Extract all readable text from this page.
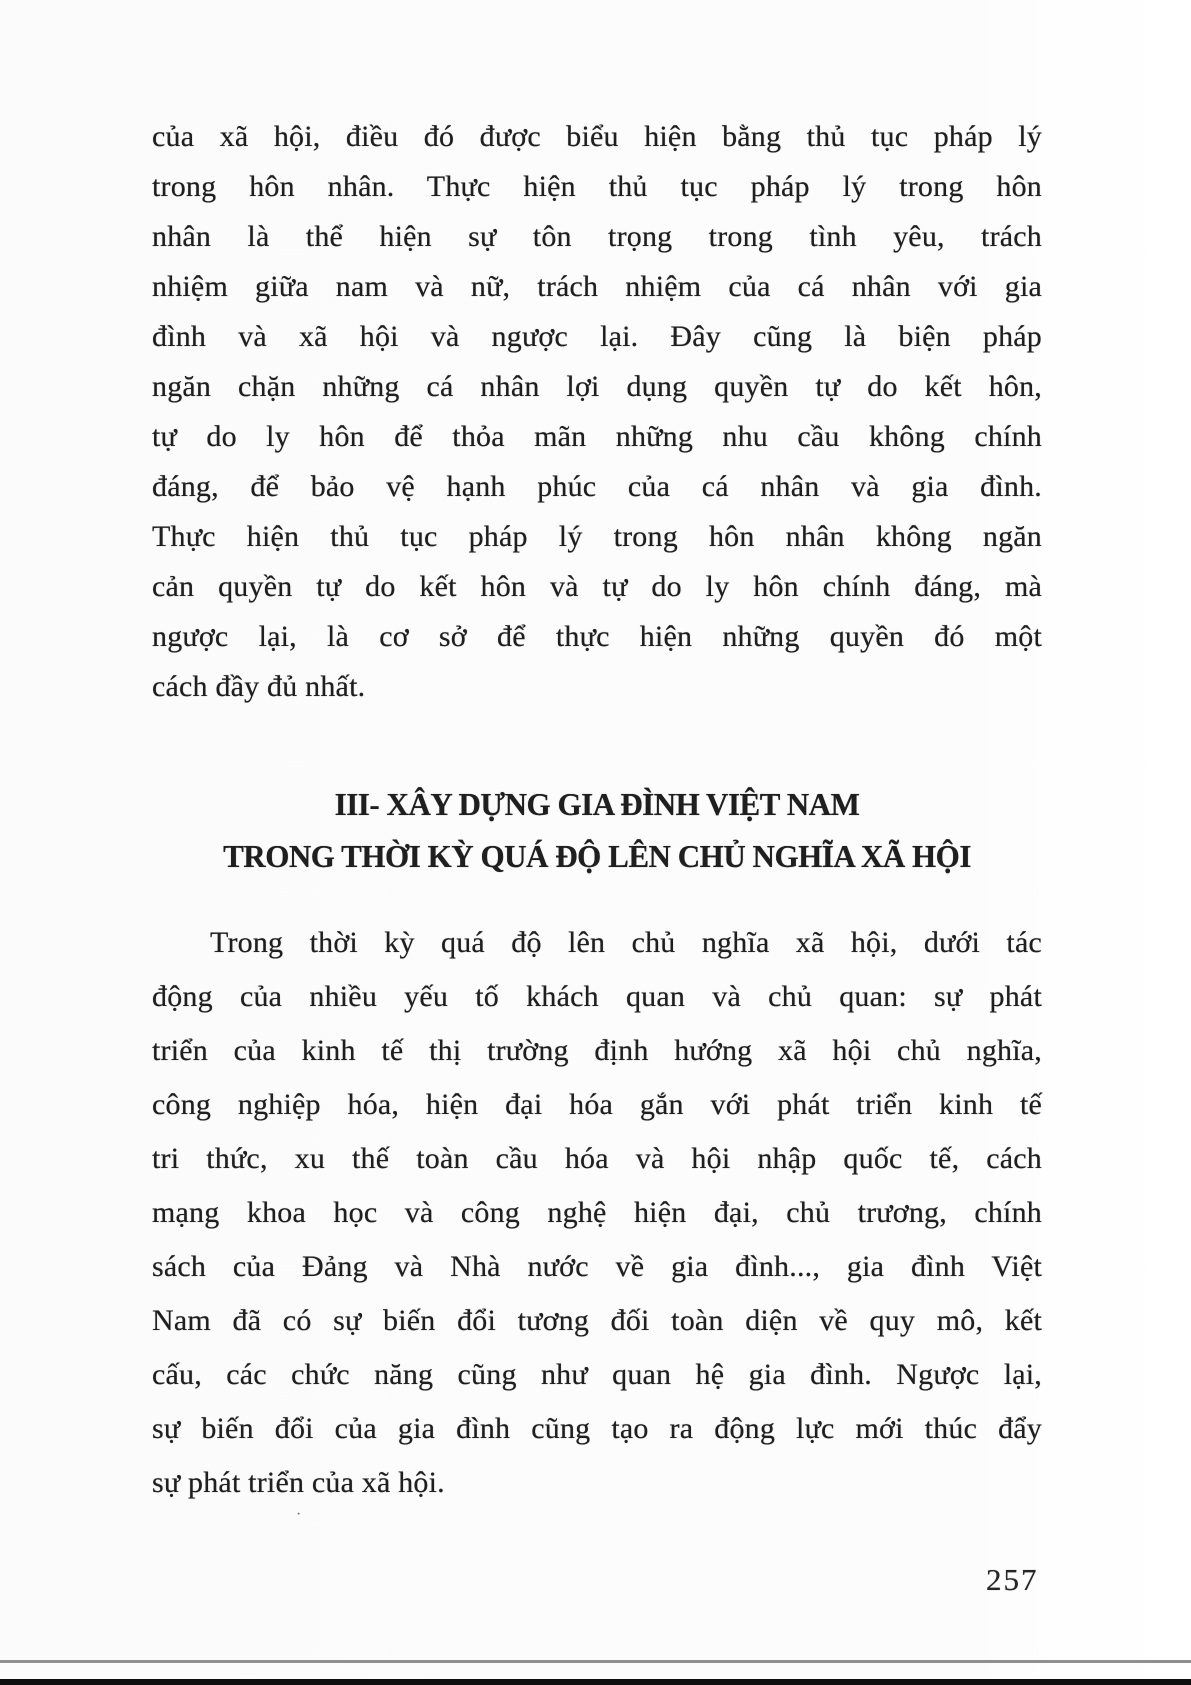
của xã hội, điều đó được biểu hiện bằng thủ tục pháp lý
trong hôn nhân. Thực hiện thủ tục pháp lý trong hôn
nhân là thể hiện sự tôn trọng trong tình yêu, trách
nhiệm giữa nam và nữ, trách nhiệm của cá nhân với gia
đình và xã hội và ngược lại. Đây cũng là biện pháp
ngăn chặn những cá nhân lợi dụng quyền tự do kết hôn,
tự do ly hôn để thỏa mãn những nhu cầu không chính
đáng, để bảo vệ hạnh phúc của cá nhân và gia đình.
Thực hiện thủ tục pháp lý trong hôn nhân không ngăn
cản quyền tự do kết hôn và tự do ly hôn chính đáng, mà
ngược lại, là cơ sở để thực hiện những quyền đó một
cách đầy đủ nhất.
III- XÂY DỰNG GIA ĐÌNH VIỆT NAM
TRONG THỜI KỲ QUÁ ĐỘ LÊN CHỦ NGHĨA XÃ HỘI
Trong thời kỳ quá độ lên chủ nghĩa xã hội, dưới tác
động của nhiều yếu tố khách quan và chủ quan: sự phát
triển của kinh tế thị trường định hướng xã hội chủ nghĩa,
công nghiệp hóa, hiện đại hóa gắn với phát triển kinh tế
tri thức, xu thế toàn cầu hóa và hội nhập quốc tế, cách
mạng khoa học và công nghệ hiện đại, chủ trương, chính
sách của Đảng và Nhà nước về gia đình..., gia đình Việt
Nam đã có sự biến đổi tương đối toàn diện về quy mô, kết
cấu, các chức năng cũng như quan hệ gia đình. Ngược lại,
sự biến đổi của gia đình cũng tạo ra động lực mới thúc đẩy
sự phát triển của xã hội.
·
257
